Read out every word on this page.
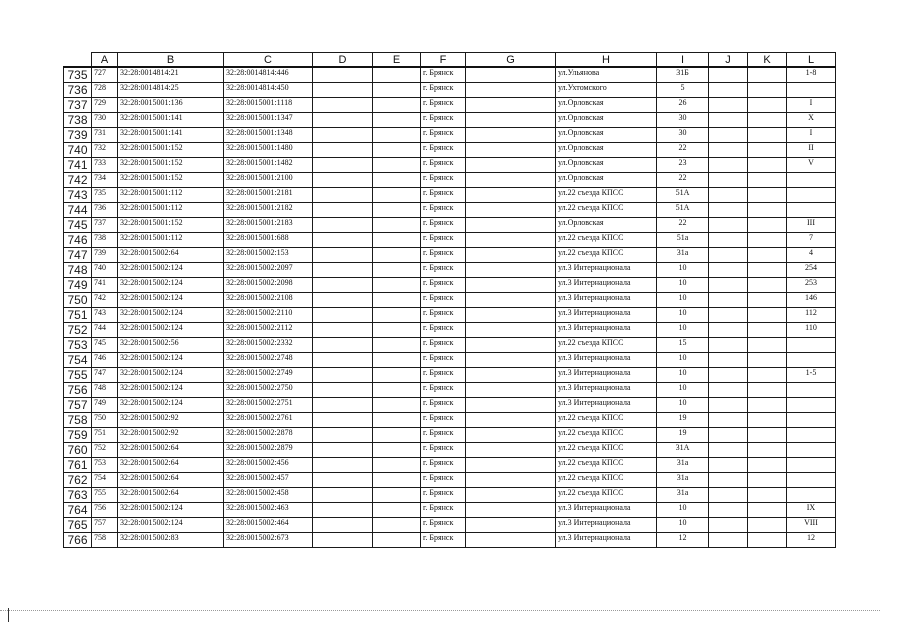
	A	B	C	D	E	F	G	H	I	J	K	L
735	727	32:28:0014814:21	32:28:0014814:446			г. Брянск		ул.Ульянова	31Б			1-8
736	728	32:28:0014814:25	32:28:0014814:450			г. Брянск		ул.Ухтомского	5			
737	729	32:28:0015001:136	32:28:0015001:1118			г. Брянск		ул.Орловская	26			I
738	730	32:28:0015001:141	32:28:0015001:1347			г. Брянск		ул.Орловская	30			X
739	731	32:28:0015001:141	32:28:0015001:1348			г. Брянск		ул.Орловская	30			I
740	732	32:28:0015001:152	32:28:0015001:1480			г. Брянск		ул.Орловская	22			II
741	733	32:28:0015001:152	32:28:0015001:1482			г. Брянск		ул.Орловская	23			V
742	734	32:28:0015001:152	32:28:0015001:2100			г. Брянск		ул.Орловская	22			
743	735	32:28:0015001:112	32:28:0015001:2181			г. Брянск		ул.22 съезда КПСС	51А			
744	736	32:28:0015001:112	32:28:0015001:2182			г. Брянск		ул.22 съезда КПСС	51А			
745	737	32:28:0015001:152	32:28:0015001:2183			г. Брянск		ул.Орловская	22			III
746	738	32:28:0015001:112	32:28:0015001:688			г. Брянск		ул.22 съезда КПСС	51а			7
747	739	32:28:0015002:64	32:28:0015002:153			г. Брянск		ул.22 съезда КПСС	31а			4
748	740	32:28:0015002:124	32:28:0015002:2097			г. Брянск		ул.3 Интернационала	10			254
749	741	32:28:0015002:124	32:28:0015002:2098			г. Брянск		ул.3 Интернационала	10			253
750	742	32:28:0015002:124	32:28:0015002:2108			г. Брянск		ул.3 Интернационала	10			146
751	743	32:28:0015002:124	32:28:0015002:2110			г. Брянск		ул.3 Интернационала	10			112
752	744	32:28:0015002:124	32:28:0015002:2112			г. Брянск		ул.3 Интернационала	10			110
753	745	32:28:0015002:56	32:28:0015002:2332			г. Брянск		ул.22 съезда КПСС	15			
754	746	32:28:0015002:124	32:28:0015002:2748			г. Брянск		ул.3 Интернационала	10			
755	747	32:28:0015002:124	32:28:0015002:2749			г. Брянск		ул.3 Интернационала	10			1-5
756	748	32:28:0015002:124	32:28:0015002:2750			г. Брянск		ул.3 Интернационала	10			
757	749	32:28:0015002:124	32:28:0015002:2751			г. Брянск		ул.3 Интернационала	10			
758	750	32:28:0015002:92	32:28:0015002:2761			г. Брянск		ул.22 съезда КПСС	19			
759	751	32:28:0015002:92	32:28:0015002:2878			г. Брянск		ул.22 съезда КПСС	19			
760	752	32:28:0015002:64	32:28:0015002:2879			г. Брянск		ул.22 съезда КПСС	31А			
761	753	32:28:0015002:64	32:28:0015002:456			г. Брянск		ул.22 съезда КПСС	31а			
762	754	32:28:0015002:64	32:28:0015002:457			г. Брянск		ул.22 съезда КПСС	31а			
763	755	32:28:0015002:64	32:28:0015002:458			г. Брянск		ул.22 съезда КПСС	31а			
764	756	32:28:0015002:124	32:28:0015002:463			г. Брянск		ул.3 Интернационала	10			IX
765	757	32:28:0015002:124	32:28:0015002:464			г. Брянск		ул.3 Интернационала	10			VIII
766	758	32:28:0015002:83	32:28:0015002:673			г. Брянск		ул.3 Интернационала	12			12
